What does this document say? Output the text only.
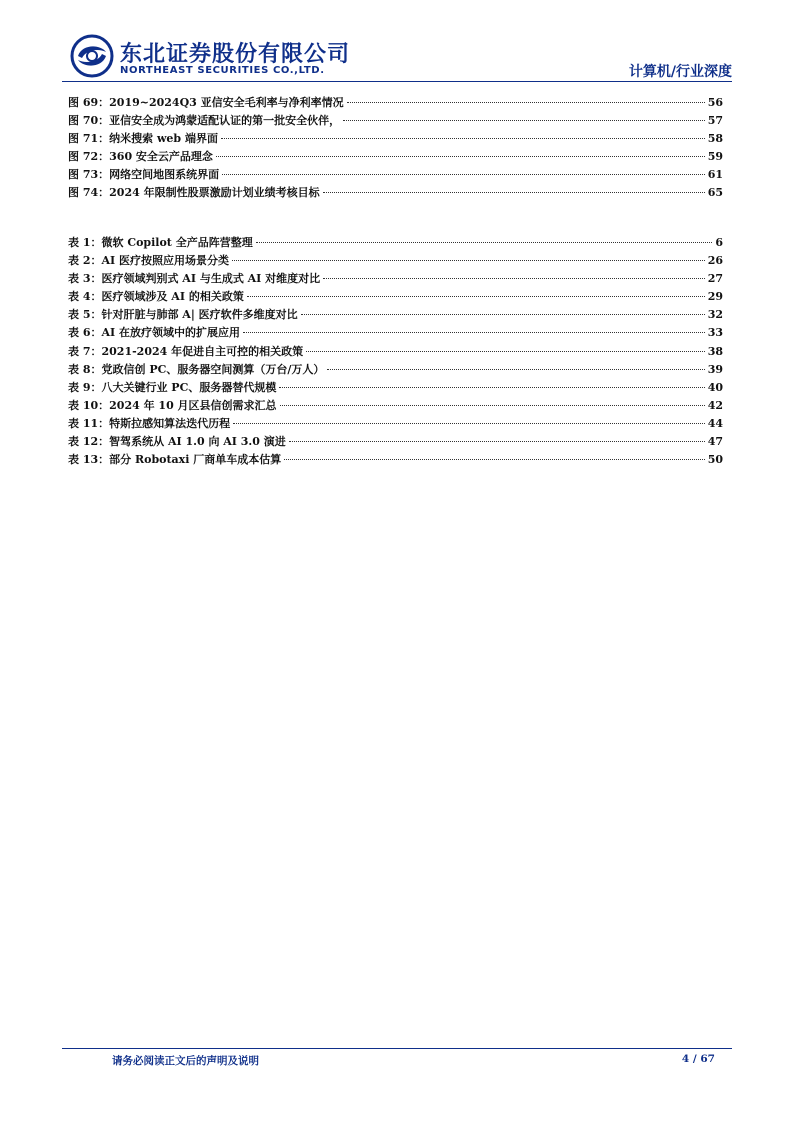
东北证券股份有限公司
NORTHEAST SECURITIES CO.,LTD.	计算机/行业深度
图 69：2019~2024Q3 亚信安全毛利率与净利率情况	56
图 70：亚信安全成为鸿蒙适配认证的第一批安全伙伴，	57
图 71：纳米搜索 web 端界面	58
图 72：360 安全云产品理念	59
图 73：网络空间地图系统界面	61
图 74：2024 年限制性股票激励计划业绩考核目标	65
表 1：微软 Copilot 全产品阵营整理	6
表 2：AI 医疗按照应用场景分类	26
表 3：医疗领域判别式 AI 与生成式 AI 对维度对比	27
表 4：医疗领域涉及 AI 的相关政策	29
表 5：针对肝脏与肺部 A| 医疗软件多维度对比	32
表 6：AI 在放疗领域中的扩展应用	33
表 7：2021-2024 年促进自主可控的相关政策	38
表 8：党政信创 PC、服务器空间测算（万台/万人）	39
表 9：八大关键行业 PC、服务器替代规模	40
表 10：2024 年 10 月区县信创需求汇总	42
表 11：特斯拉感知算法迭代历程	44
表 12：智驾系统从 AI 1.0 向 AI 3.0 演进	47
表 13：部分 Robotaxi 厂商单车成本估算	50
请务必阅读正文后的声明及说明	4 / 67
